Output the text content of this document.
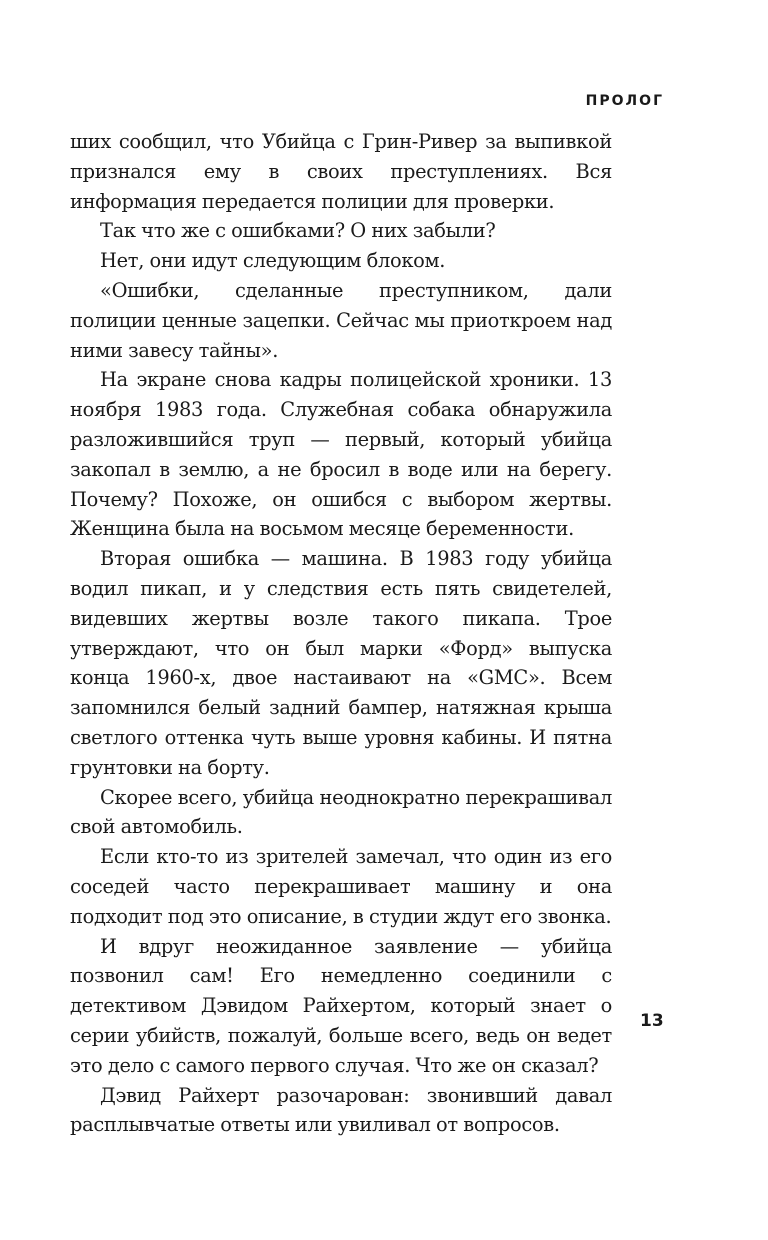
ПРОЛОГ

ших сообщил, что Убийца с Грин-Ривер за выпивкой признался ему в своих преступлениях. Вся информация передается полиции для проверки.

Так что же с ошибками? О них забыли?

Нет, они идут следующим блоком.

«Ошибки, сделанные преступником, дали полиции ценные зацепки. Сейчас мы приоткроем над ними завесу тайны».

На экране снова кадры полицейской хроники. 13 ноября 1983 года. Служебная собака обнаружила разложившийся труп — первый, который убийца закопал в землю, а не бросил в воде или на берегу. Почему? Похоже, он ошибся с выбором жертвы. Женщина была на восьмом месяце беременности.

Вторая ошибка — машина. В 1983 году убийца водил пикап, и у следствия есть пять свидетелей, видевших жертвы возле такого пикапа. Трое утверждают, что он был марки «Форд» выпуска конца 1960-х, двое настаивают на «GMC». Всем запомнился белый задний бампер, натяжная крыша светлого оттенка чуть выше уровня кабины. И пятна грунтовки на борту.

Скорее всего, убийца неоднократно перекрашивал свой автомобиль.

Если кто-то из зрителей замечал, что один из его соседей часто перекрашивает машину и она подходит под это описание, в студии ждут его звонка.

И вдруг неожиданное заявление — убийца позвонил сам! Его немедленно соединили с детективом Дэвидом Райхертом, который знает о серии убийств, пожалуй, больше всего, ведь он ведет это дело с самого первого случая. Что же он сказал?

Дэвид Райхерт разочарован: звонивший давал расплывчатые ответы или увиливал от вопросов.

13
